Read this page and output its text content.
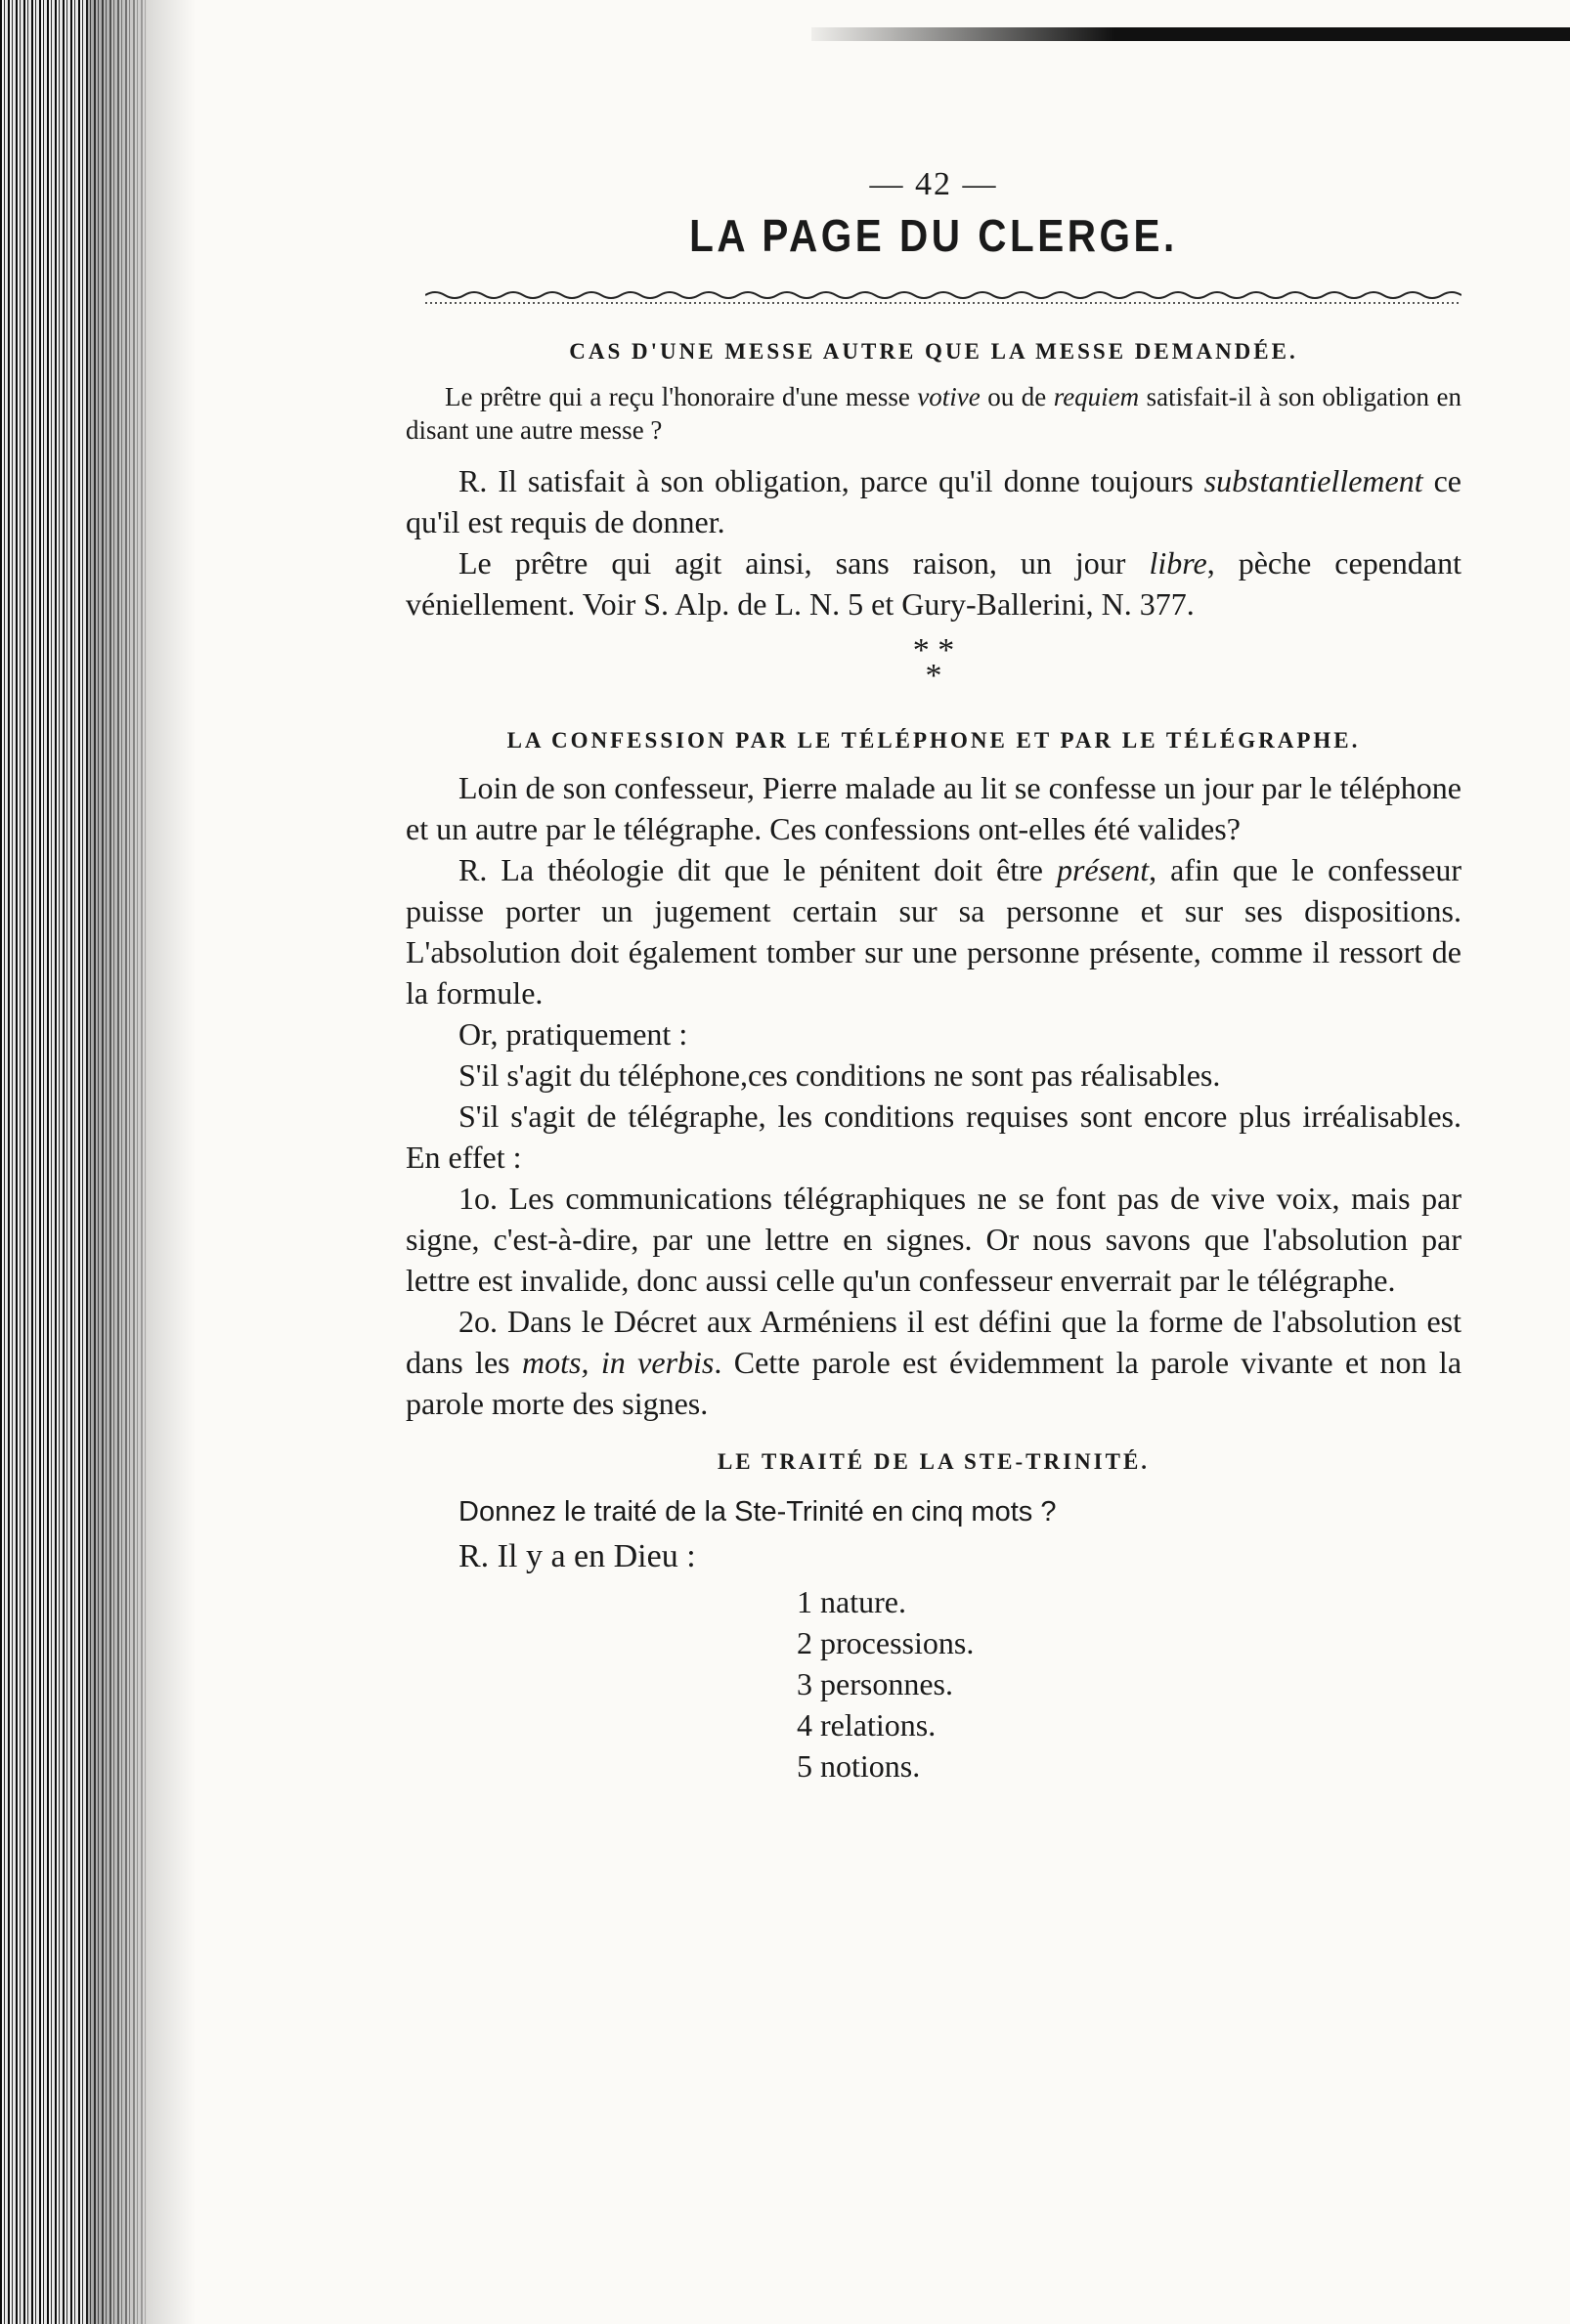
— 42 —

LA PAGE DU CLERGE.
CAS D'UNE MESSE AUTRE QUE LA MESSE DEMANDÉE.

Le prêtre qui a reçu l'honoraire d'une messe votive ou de requiem satisfait-il à son obligation en disant une autre messe ?

R. Il satisfait à son obligation, parce qu'il donne toujours substantiellement ce qu'il est requis de donner.

Le prêtre qui agit ainsi, sans raison, un jour libre, pèche cependant véniellement. Voir S. Alp. de L. N. 5 et Gury-Ballerini, N. 377.

* *
*
LA CONFESSION PAR LE TÉLÉPHONE ET PAR LE TÉLÉGRAPHE.

Loin de son confesseur, Pierre malade au lit se confesse un jour par le téléphone et un autre par le télégraphe. Ces confessions ont-elles été valides?

R. La théologie dit que le pénitent doit être présent, afin que le confesseur puisse porter un jugement certain sur sa personne et sur ses dispositions. L'absolution doit également tomber sur une personne présente, comme il ressort de la formule.

Or, pratiquement :

S'il s'agit du téléphone,ces conditions ne sont pas réalisables.

S'il s'agit de télégraphe, les conditions requises sont encore plus irréalisables. En effet :

1o. Les communications télégraphiques ne se font pas de vive voix, mais par signe, c'est-à-dire, par une lettre en signes. Or nous savons que l'absolution par lettre est invalide, donc aussi celle qu'un confesseur enverrait par le télégraphe.

2o. Dans le Décret aux Arméniens il est défini que la forme de l'absolution est dans les mots, in verbis. Cette parole est évidemment la parole vivante et non la parole morte des signes.

LE TRAITÉ DE LA STE-TRINITÉ.

Donnez le traité de la Ste-Trinité en cinq mots ?

R. Il y a en Dieu :

1 nature.
2 processions.
3 personnes.
4 relations.
5 notions.
